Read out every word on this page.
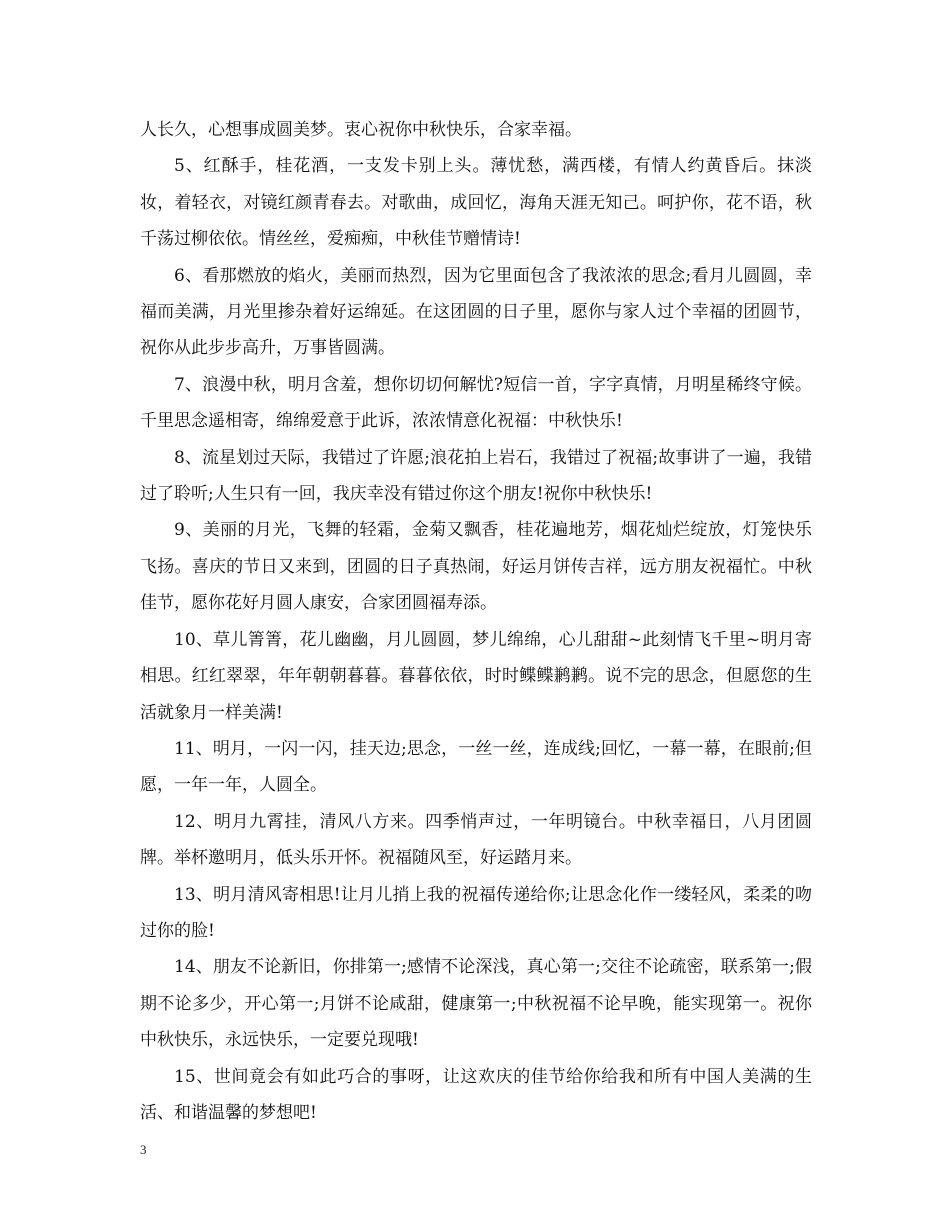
人长久，心想事成圆美梦。衷心祝你中秋快乐，合家幸福。

5、红酥手，桂花酒，一支发卡别上头。薄忧愁，满西楼，有情人约黄昏后。抹淡妆，着轻衣，对镜红颜青春去。对歌曲，成回忆，海角天涯无知己。呵护你，花不语，秋千荡过柳依依。情丝丝，爱痴痴，中秋佳节赠情诗!

6、看那燃放的焰火，美丽而热烈，因为它里面包含了我浓浓的思念;看月儿圆圆，幸福而美满，月光里掺杂着好运绵延。在这团圆的日子里，愿你与家人过个幸福的团圆节，祝你从此步步高升，万事皆圆满。

7、浪漫中秋，明月含羞，想你切切何解忧?短信一首，字字真情，月明星稀终守候。千里思念遥相寄，绵绵爱意于此诉，浓浓情意化祝福：中秋快乐!

8、流星划过天际，我错过了许愿;浪花拍上岩石，我错过了祝福;故事讲了一遍，我错过了聆听;人生只有一回，我庆幸没有错过你这个朋友!祝你中秋快乐!

9、美丽的月光，飞舞的轻霜，金菊又飘香，桂花遍地芳，烟花灿烂绽放，灯笼快乐飞扬。喜庆的节日又来到，团圆的日子真热闹，好运月饼传吉祥，远方朋友祝福忙。中秋佳节，愿你花好月圆人康安，合家团圆福寿添。

10、草儿箐箐，花儿幽幽，月儿圆圆，梦儿绵绵，心儿甜甜~此刻情飞千里~明月寄相思。红红翠翠，年年朝朝暮暮。暮暮依依，时时鲽鲽鹣鹣。说不完的思念，但愿您的生活就象月一样美满!

11、明月，一闪一闪，挂天边;思念，一丝一丝，连成线;回忆，一幕一幕，在眼前;但愿，一年一年，人圆全。

12、明月九霄挂，清风八方来。四季悄声过，一年明镜台。中秋幸福日，八月团圆牌。举杯邀明月，低头乐开怀。祝福随风至，好运踏月来。

13、明月清风寄相思!让月儿捎上我的祝福传递给你;让思念化作一缕轻风，柔柔的吻过你的脸!

14、朋友不论新旧，你排第一;感情不论深浅，真心第一;交往不论疏密，联系第一;假期不论多少，开心第一;月饼不论咸甜，健康第一;中秋祝福不论早晚，能实现第一。祝你中秋快乐，永远快乐，一定要兑现哦!

15、世间竟会有如此巧合的事呀，让这欢庆的佳节给你给我和所有中国人美满的生活、和谐温馨的梦想吧!

3
